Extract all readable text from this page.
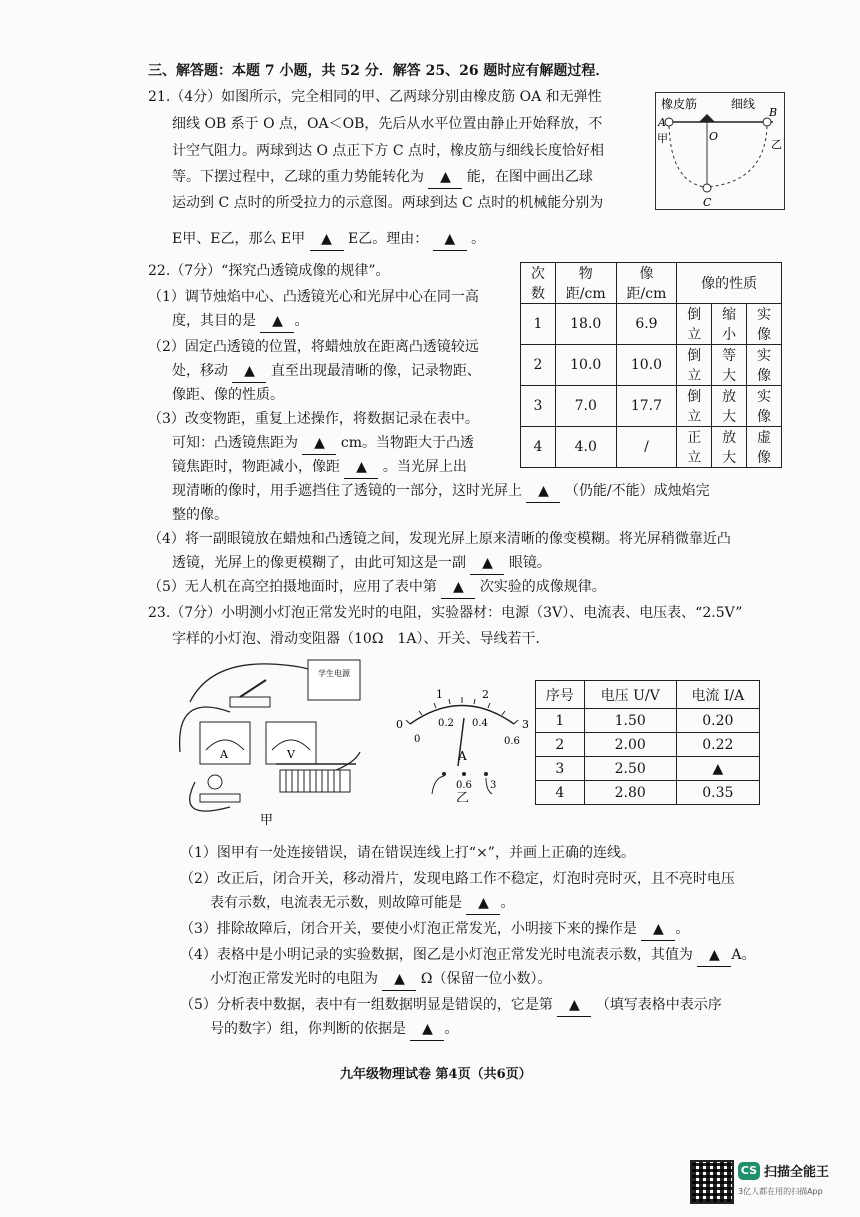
三、解答题：本题 7 小题，共 52 分．解答 25、26 题时应有解题过程．
21.（4分）如图所示，完全相同的甲、乙两球分别由橡皮筋 OA 和无弹性
细线 OB 系于 O 点，OA＜OB，先后从水平位置由静止开始释放，不
计空气阻力。两球到达 O 点正下方 C 点时，橡皮筋与细线长度恰好相
等。下摆过程中，乙球的重力势能转化为 ▲ 能，在图中画出乙球
运动到 C 点时的所受拉力的示意图。两球到达 C 点时的机械能分别为
E甲、E乙，那么 E甲 ▲ E乙。理由： ▲ 。
橡皮筋	细线
A
B
O
甲	乙
C
22.（7分）“探究凸透镜成像的规律”。
（1）调节烛焰中心、凸透镜光心和光屏中心在同一高
度，其目的是 ▲ 。
（2）固定凸透镜的位置，将蜡烛放在距离凸透镜较远
处，移动 ▲ 直至出现最清晰的像，记录物距、
像距、像的性质。
（3）改变物距，重复上述操作，将数据记录在表中。
可知：凸透镜焦距为 ▲ cm。当物距大于凸透
镜焦距时，物距减小，像距 ▲ 。当光屏上出
现清晰的像时，用手遮挡住了透镜的一部分，这时光屏上 ▲ （仍能/不能）成烛焰完
整的像。
（4）将一副眼镜放在蜡烛和凸透镜之间，发现光屏上原来清晰的像变模糊。将光屏稍微靠近凸
透镜，光屏上的像更模糊了，由此可知这是一副 ▲ 眼镜。
（5）无人机在高空拍摄地面时，应用了表中第 ▲ 次实验的成像规律。
次数	物距/cm	像距/cm	像的性质		
1	18.0	6.9	倒立	缩小	实像
2	10.0	10.0	倒立	等大	实像
3	7.0	17.7	倒立	放大	实像
4	4.0	/	正立	放大	虚像
23.（7分）小明测小灯泡正常发光时的电阻，实验器材：电源（3V）、电流表、电压表、“2.5V”
字样的小灯泡、滑动变阻器（10Ω　1A）、开关、导线若干．
A	V
学生电源
甲
0
1	2
3
0
0.2 0.4
0.6
A
0.6 3
乙
序号	电压 U/V	电流 I/A
1	1.50	0.20
2	2.00	0.22
3	2.50	▲
4	2.80	0.35
（1）图甲有一处连接错误，请在错误连线上打“×”，并画上正确的连线。
（2）改正后，闭合开关，移动滑片，发现电路工作不稳定，灯泡时亮时灭，且不亮时电压
表有示数，电流表无示数，则故障可能是 ▲ 。
（3）排除故障后，闭合开关，要使小灯泡正常发光，小明接下来的操作是 ▲ 。
（4）表格中是小明记录的实验数据，图乙是小灯泡正常发光时电流表示数，其值为 ▲ A。
小灯泡正常发光时的电阻为 ▲ Ω（保留一位小数）。
（5）分析表中数据，表中有一组数据明显是错误的，它是第 ▲ （填写表格中表示序
号的数字）组，你判断的依据是 ▲ 。
九年级物理试卷 第4页（共6页）
CS 扫描全能王
3亿人都在用的扫描App
